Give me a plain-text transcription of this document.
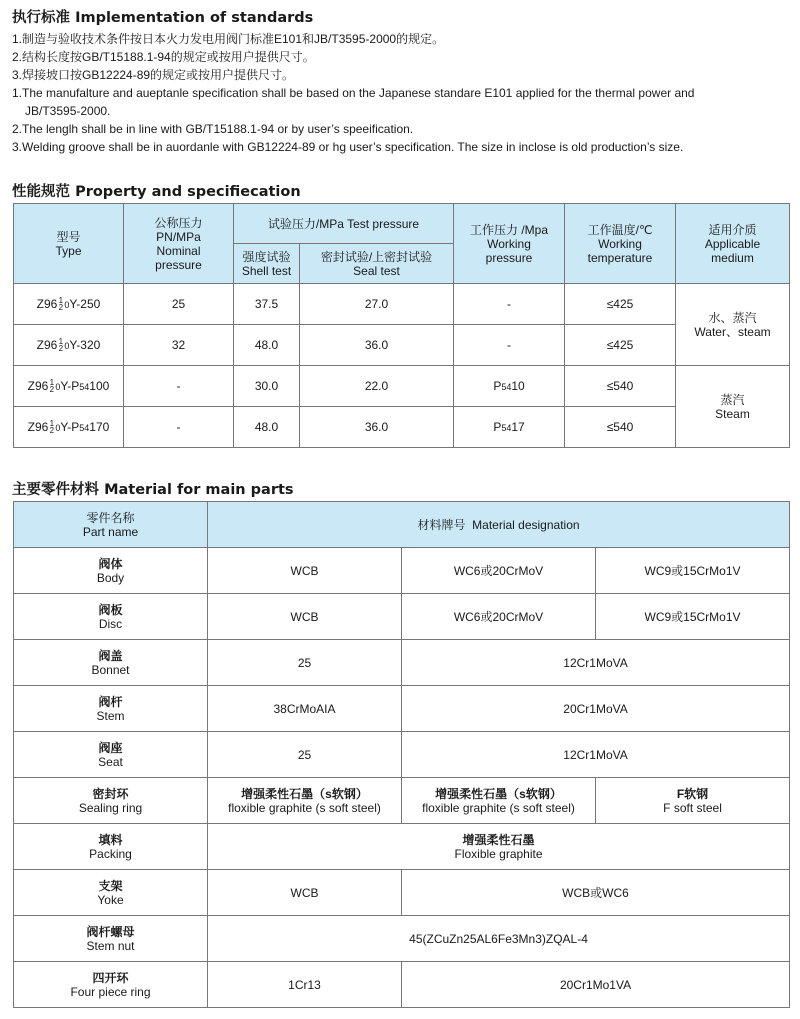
执行标准 Implementation of standards
1.制造与验收技术条件按日本火力发电用阀门标准E101和JB/T3595-2000的规定。
2.结构长度按GB/T15188.1-94的规定或按用户提供尺寸。
3.焊接坡口按GB12224-89的规定或按用户提供尺寸。
1.The manufalture and aueptanle specification shall be based on the Japanese standare E101 applied for the thermal power and
JB/T3595-2000.
2.The lenglh shall be in line with GB/T15188.1-94 or by user’s speeification.
3.Welding groove shall be in auordanle with GB12224-89 or hg user’s specification. The size in inclose is old production’s size.
性能规范 Property and specifiecation
型号
Type	公称压力
PN/MPa
Nominal
pressure	试验压力/MPa Test pressure		工作压力 /Mpa
Working
pressure	工作温度/℃
Working
temperature	适用介质
Applicable
medium

		强度试验
Shell test	密封试验/上密封试验
Seal test			

Z96 1
2 0Y-250	25	37.5	27.0	-	≤425	水、蒸汽
Water、steam

Z96 1
2 0Y-320	32	48.0	36.0	-	≤425	
Z96 1
2 0Y-P54100	-	30.0	22.0	P5410	≤540	蒸汽
Steam

Z96 1
2 0Y-P54170	-	48.0	36.0	P5417	≤540	
主要零件材料 Material for main parts
零件名称
Part name	材料牌号 Material designation		

阀体
Body	WCB	WC6或20CrMoV	WC9或15CrMo1V

阀板
Disc	WCB	WC6或20CrMoV	WC9或15CrMo1V

阀盖
Bonnet	25	12Cr1MoVA	

阀杆
Stem	38CrMoAIA	20Cr1MoVA	

阀座
Seat	25	12Cr1MoVA	

密封环
Sealing ring	增强柔性石墨（s软钢）
floxible graphite (s soft steel)	增强柔性石墨（s软钢）
floxible graphite (s soft steel)	F软钢
F soft steel

填料
Packing	增强柔性石墨
Floxible graphite		

支架
Yoke	WCB	WCB或WC6	

阀杆螺母
Stem nut	45(ZCuZn25AL6Fe3Mn3)ZQAL-4		

四开环
Four piece ring	1Cr13	20Cr1Mo1VA	
